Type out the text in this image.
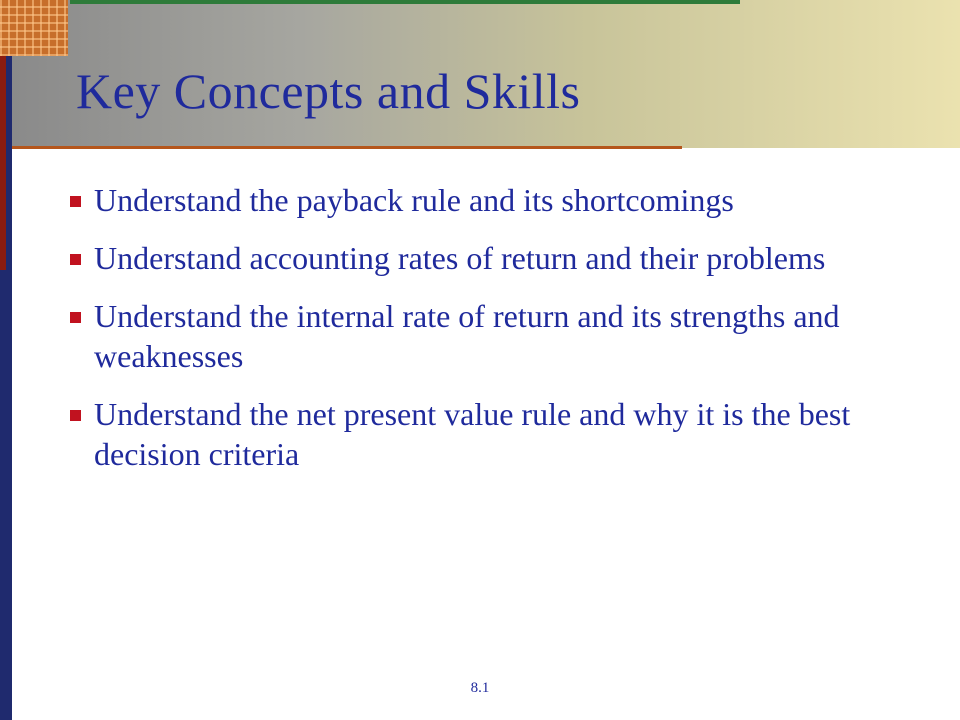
Key Concepts and Skills
Understand the payback rule and its shortcomings
Understand accounting rates of return and their problems
Understand the internal rate of return and its strengths and weaknesses
Understand the net present value rule and why it is the best decision criteria
8.1
